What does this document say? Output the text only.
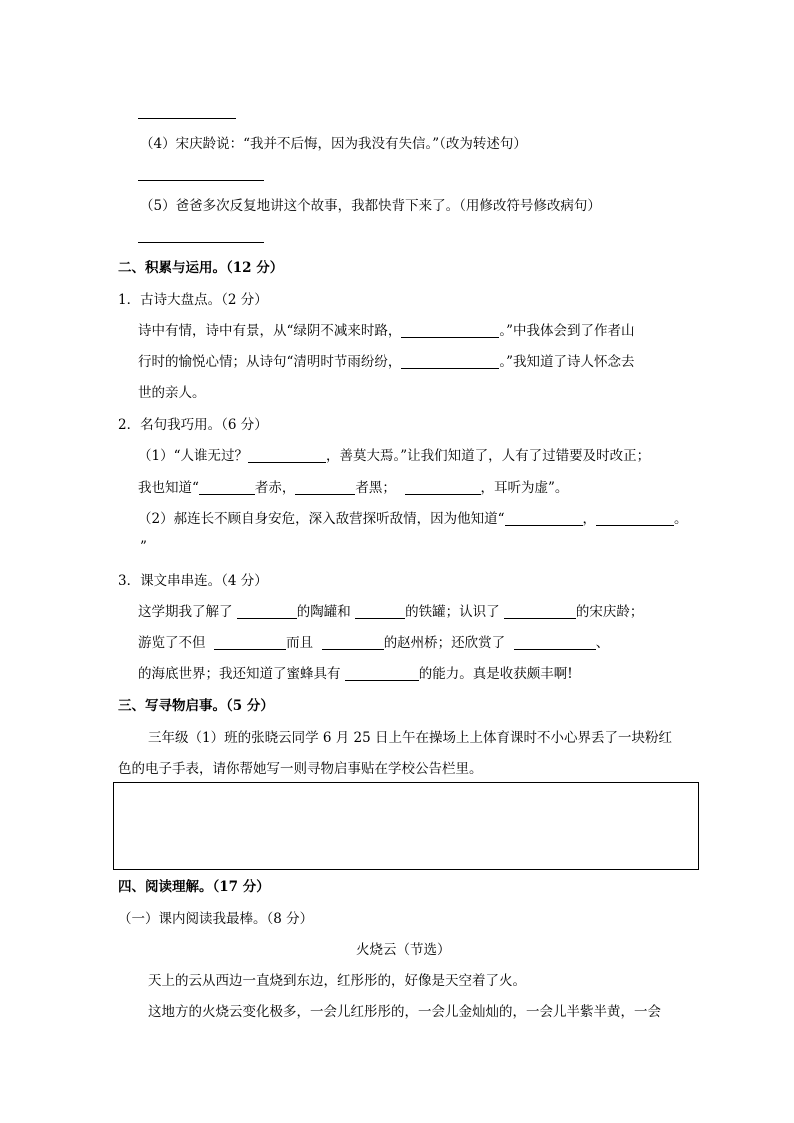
（4）宋庆龄说：“我并不后悔，因为我没有失信。”（改为转述句）
（5）爸爸多次反复地讲这个故事，我都快背下来了。（用修改符号修改病句）
二、积累与运用。（12 分）
1．古诗大盘点。（2 分）
诗中有情，诗中有景，从“绿阴不减来时路，	。”中我体会到了作者山
行时的愉悦心情；从诗句“清明时节雨纷纷，	。”我知道了诗人怀念去
世的亲人。
2．名句我巧用。（6 分）
（1）“人谁无过？	，善莫大焉。”让我们知道了，人有了过错要及时改正；
我也知道“	者赤，	者黑；	，耳听为虚”。
（2）郝连长不顾自身安危，深入敌营探听敌情，因为他知道“	，	。
”
3．课文串串连。（4 分）
这学期我了解了	的陶罐和	的铁罐；认识了	的宋庆龄；
游览了不但	而且	的赵州桥；还欣赏了	、
的海底世界；我还知道了蜜蜂具有	的能力。真是收获颇丰啊!
三、写寻物启事。（5 分）
三年级（1）班的张晓云同学 6 月 25 日上午在操场上上体育课时不小心界丢了一块粉红
色的电子手表，请你帮她写一则寻物启事贴在学校公告栏里。
四、阅读理解。（17 分）
（一）课内阅读我最棒。（8 分）
火烧云（节选）
天上的云从西边一直烧到东边，红彤彤的，好像是天空着了火。
这地方的火烧云变化极多，一会儿红彤彤的，一会儿金灿灿的，一会儿半紫半黄，一会
